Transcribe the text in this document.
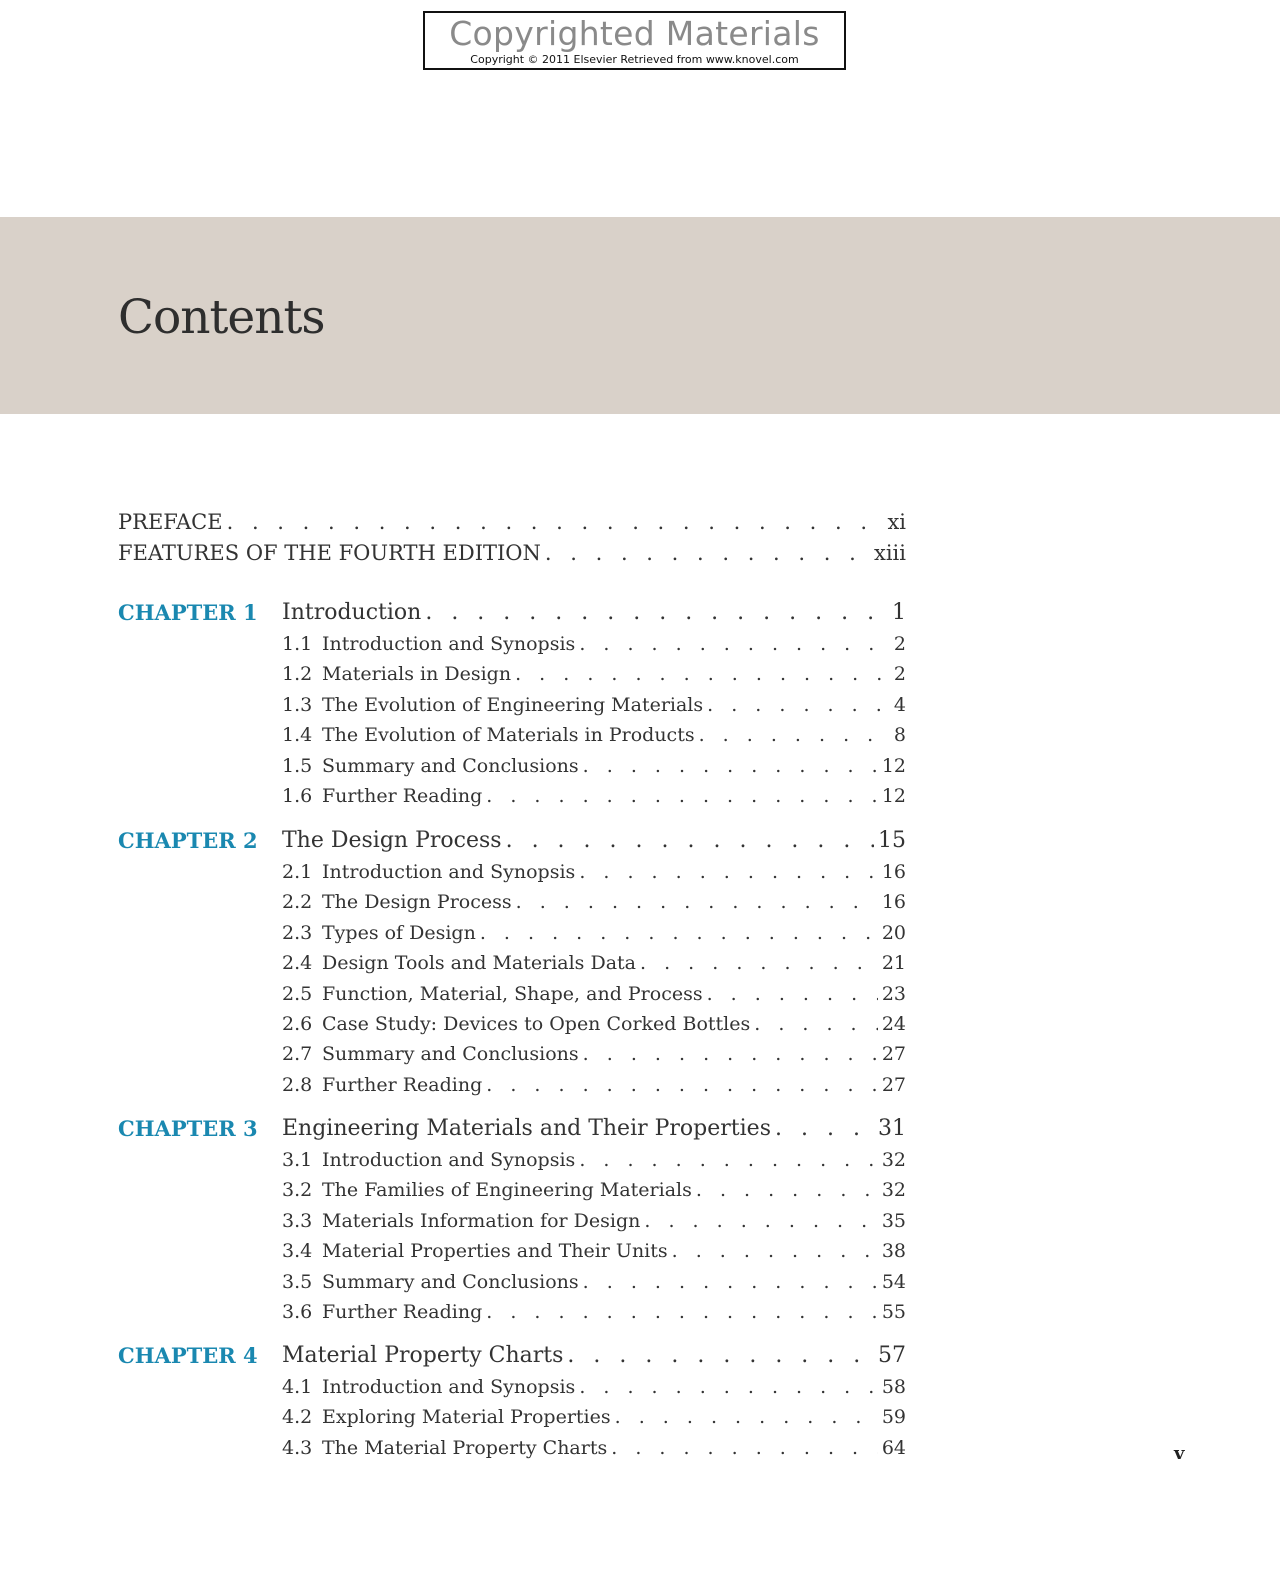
Copyrighted Materials
Copyright © 2011 Elsevier Retrieved from www.knovel.com
Contents
PREFACE . . .	xi
FEATURES OF THE FOURTH EDITION . . .	xiii
CHAPTER 1 Introduction . . .	1
1.1 Introduction and Synopsis . . .	2
1.2 Materials in Design . . .	2
1.3 The Evolution of Engineering Materials . . .	4
1.4 The Evolution of Materials in Products . . .	8
1.5 Summary and Conclusions . . .	12
1.6 Further Reading . . .	12
CHAPTER 2 The Design Process . . .	15
2.1 Introduction and Synopsis . . .	16
2.2 The Design Process . . .	16
2.3 Types of Design . . .	20
2.4 Design Tools and Materials Data . . .	21
2.5 Function, Material, Shape, and Process . . .	23
2.6 Case Study: Devices to Open Corked Bottles . . .	24
2.7 Summary and Conclusions . . .	27
2.8 Further Reading . . .	27
CHAPTER 3 Engineering Materials and Their Properties . . .	31
3.1 Introduction and Synopsis . . .	32
3.2 The Families of Engineering Materials . . .	32
3.3 Materials Information for Design . . .	35
3.4 Material Properties and Their Units . . .	38
3.5 Summary and Conclusions . . .	54
3.6 Further Reading . . .	55
CHAPTER 4 Material Property Charts . . .	57
4.1 Introduction and Synopsis . . .	58
4.2 Exploring Material Properties . . .	59
4.3 The Material Property Charts . . .	64	v
